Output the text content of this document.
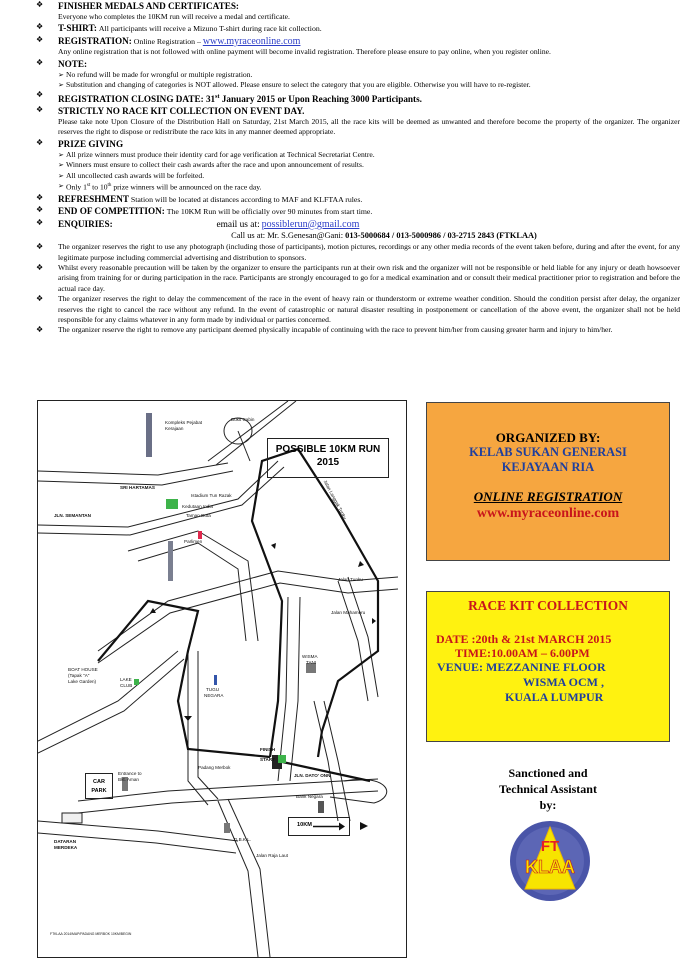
❖ FINISHER MEDALS AND CERTIFICATES:
Everyone who completes the 10KM run will receive a medal and certificate.
❖ T-SHIRT: All participants will receive a Mizuno T-shirt during race kit collection.
❖ REGISTRATION: Online Registration – www.myraceonline.com
Any online registration that is not followed with online payment will become invalid registration. Therefore please ensure to pay online, when you register online.
❖ NOTE:
➢ No refund will be made for wrongful or multiple registration.
➢ Substitution and changing of categories is NOT allowed. Please ensure to select the category that you are eligible. Otherwise you will have to re-register.
❖ REGISTRATION CLOSING DATE: 31st January 2015 or Upon Reaching 3000 Participants.
❖ STRICTLY NO RACE KIT COLLECTION ON EVENT DAY.
Please take note Upon Closure of the Distribution Hall on Saturday, 21st March 2015, all the race kits will be deemed as unwanted and therefore become the property of the organizer. The organizer reserves the right to dispose or redistribute the race kits in any manner deemed appropriate.
❖ PRIZE GIVING
➢ All prize winners must produce their identity card for age verification at Technical Secretariat Centre.
➢ Winners must ensure to collect their cash awards after the race and upon announcement of results.
➢ All uncollected cash awards will be forfeited.
➢ Only 1st to 10th prize winners will be announced on the race day.
❖ REFRESHMENT Station will be located at distances according to MAF and KLFTAA rules.
❖ END OF COMPETITION: The 10KM Run will be officially over 90 minutes from start time.
❖ ENQUIRIES:	email us at: possiblerun@gmail.com
Call us at: Mr. S.Genesan@Gani: 013-5000684 / 013-5000986 / 03-2715 2843 (FTKLAA)
❖ The organizer reserves the right to use any photograph (including those of participants), motion pictures, recordings or any other media records of the event taken before, during and after the event, for any legitimate purpose including commercial advertising and distribution to sponsors.
❖ Whilst every reasonable precaution will be taken by the organizer to ensure the participants run at their own risk and the organizer will not be responsible or held liable for any injury or death howsoever arising from training for or during participation in the race. Participants are strongly encouraged to go for a medical examination and or consult their medical practitioner prior to registration and before the actual race day.
❖ The organizer reserves the right to delay the commencement of the race in the event of heavy rain or thunderstorm or extreme weather condition. Should the condition persist after delay, the organizer reserves the right to cancel the race without any refund. In the event of catastrophic or natural disaster resulting in postponement or cancellation of the above event, the organizer shall not be held responsible for any claims whatever in any form made by individual or parties concerned.
❖ The organizer reserve the right to remove any participant deemed physically incapable of continuing with the race to prevent him/her from causing greater harm and injury to him/her.
POSSIBLE 10KM RUN
2015
10KM
CAR PARK
Kompleks Pejabat
Kerajaan
Bukit Cabin
SRI HARTAMAS
Istadium Tun Razak
Kedutaan India
Taman Duta
JLN. SEMANTAN
Parlimen
Jalan Langgak Tunku
Jalan Tunku
Jalan Mahameru
WISMA
TANI
BOAT HOUSE
(Tapak "A"
Lake Garden)	LAKE
CLUB
TUGU
NEGARA
FINISH
START
Padang Merbok
JLN. DATO' ONN
Bank Negara
Entrance to
Bkt. Aman
DATARAN
MERDEKA
D.B.K.L.
Jalan Raja Laut
FTKLAA 2014/MAP/PADANG MERBOK 10KM/BEGIN
ORGANIZED BY:
KELAB SUKAN GENERASI
KEJAYAAN RIA
ONLINE REGISTRATION
www.myraceonline.com
RACE KIT COLLECTION
DATE :20th & 21st MARCH 2015
TIME:10.00AM – 6.00PM
VENUE: MEZZANINE FLOOR
WISMA OCM ,
KUALA LUMPUR
Sanctioned and
Technical Assistant
by:
FT
KLAA
